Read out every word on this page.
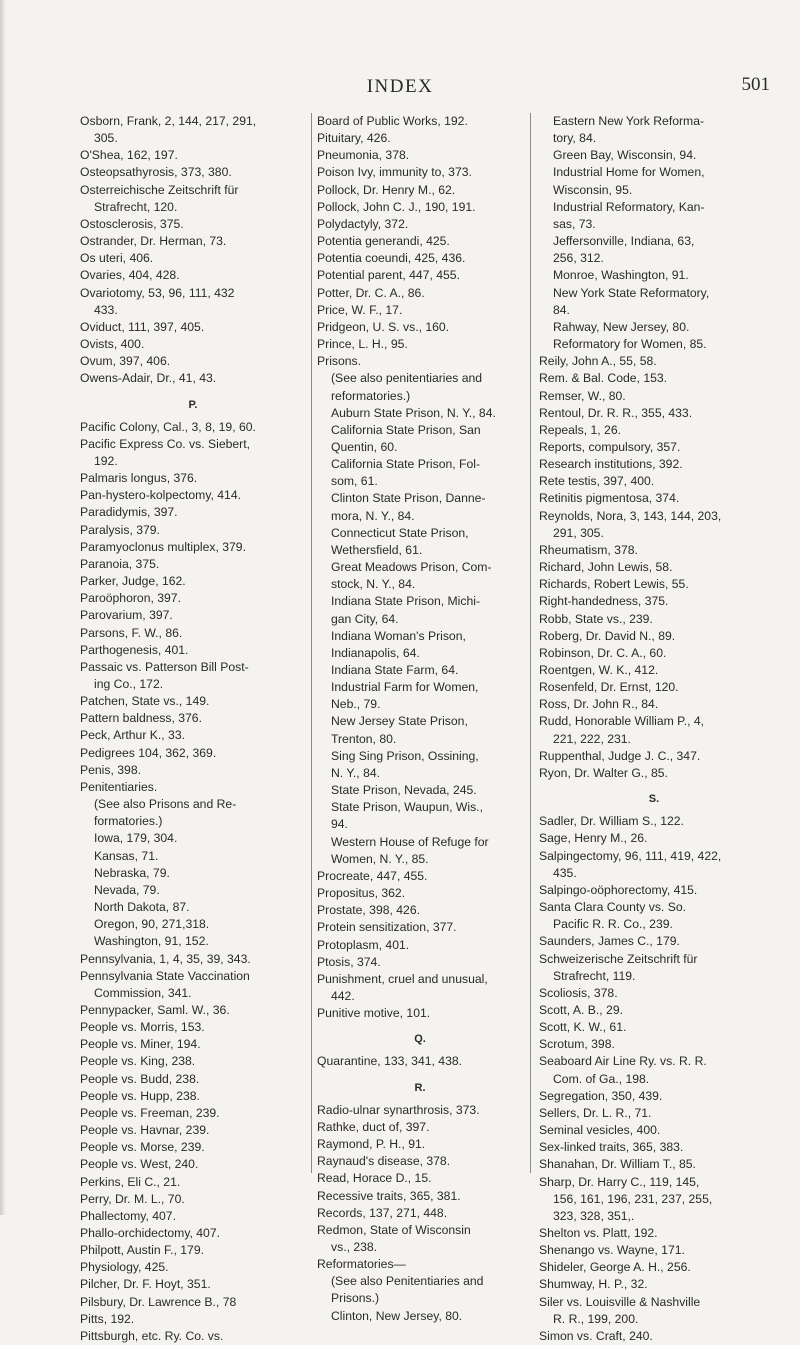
INDEX	501
Osborn, Frank, 2, 144, 217, 291,
305.
O'Shea, 162, 197.
Osteopsathyrosis, 373, 380.
Osterreichische Zeitschrift für
Strafrecht, 120.
Ostosclerosis, 375.
Ostrander, Dr. Herman, 73.
Os uteri, 406.
Ovaries, 404, 428.
Ovariotomy, 53, 96, 111, 432
433.
Oviduct, 111, 397, 405.
Ovists, 400.
Ovum, 397, 406.
Owens-Adair, Dr., 41, 43.
P.
Pacific Colony, Cal., 3, 8, 19, 60.
Pacific Express Co. vs. Siebert,
192.
Palmaris longus, 376.
Pan-hystero-kolpectomy, 414.
Paradidymis, 397.
Paralysis, 379.
Paramyoclonus multiplex, 379.
Paranoia, 375.
Parker, Judge, 162.
Paroöphoron, 397.
Parovarium, 397.
Parsons, F. W., 86.
Parthogenesis, 401.
Passaic vs. Patterson Bill Post-
ing Co., 172.
Patchen, State vs., 149.
Pattern baldness, 376.
Peck, Arthur K., 33.
Pedigrees 104, 362, 369.
Penis, 398.
Penitentiaries.
(See also Prisons and Re-
formatories.)
Iowa, 179, 304.
Kansas, 71.
Nebraska, 79.
Nevada, 79.
North Dakota, 87.
Oregon, 90, 271,318.
Washington, 91, 152.
Pennsylvania, 1, 4, 35, 39, 343.
Pennsylvania State Vaccination
Commission, 341.
Pennypacker, Saml. W., 36.
People vs. Morris, 153.
People vs. Miner, 194.
People vs. King, 238.
People vs. Budd, 238.
People vs. Hupp, 238.
People vs. Freeman, 239.
People vs. Havnar, 239.
People vs. Morse, 239.
People vs. West, 240.
Perkins, Eli C., 21.
Perry, Dr. M. L., 70.
Phallectomy, 407.
Phallo-orchidectomy, 407.
Philpott, Austin F., 179.
Physiology, 425.
Pilcher, Dr. F. Hoyt, 351.
Pilsbury, Dr. Lawrence B., 78
Pitts, 192.
Pittsburgh, etc. Ry. Co. vs.
Board of Public Works, 192.
Pituitary, 426.
Pneumonia, 378.
Poison Ivy, immunity to, 373.
Pollock, Dr. Henry M., 62.
Pollock, John C. J., 190, 191.
Polydactyly, 372.
Potentia generandi, 425.
Potentia coeundi, 425, 436.
Potential parent, 447, 455.
Potter, Dr. C. A., 86.
Price, W. F., 17.
Pridgeon, U. S. vs., 160.
Prince, L. H., 95.
Prisons.
(See also penitentiaries and
reformatories.)
Auburn State Prison, N. Y., 84.
California State Prison, San
Quentin, 60.
California State Prison, Fol-
som, 61.
Clinton State Prison, Danne-
mora, N. Y., 84.
Connecticut State Prison,
Wethersfield, 61.
Great Meadows Prison, Com-
stock, N. Y., 84.
Indiana State Prison, Michi-
gan City, 64.
Indiana Woman's Prison,
Indianapolis, 64.
Indiana State Farm, 64.
Industrial Farm for Women,
Neb., 79.
New Jersey State Prison,
Trenton, 80.
Sing Sing Prison, Ossining,
N. Y., 84.
State Prison, Nevada, 245.
State Prison, Waupun, Wis.,
94.
Western House of Refuge for
Women, N. Y., 85.
Procreate, 447, 455.
Propositus, 362.
Prostate, 398, 426.
Protein sensitization, 377.
Protoplasm, 401.
Ptosis, 374.
Punishment, cruel and unusual,
442.
Punitive motive, 101.
Q.
Quarantine, 133, 341, 438.
R.
Radio-ulnar synarthrosis, 373.
Rathke, duct of, 397.
Raymond, P. H., 91.
Raynaud's disease, 378.
Read, Horace D., 15.
Recessive traits, 365, 381.
Records, 137, 271, 448.
Redmon, State of Wisconsin
vs., 238.
Reformatories—
(See also Penitentiaries and
Prisons.)
Clinton, New Jersey, 80.
Eastern New York Reforma-
tory, 84.
Green Bay, Wisconsin, 94.
Industrial Home for Women,
Wisconsin, 95.
Industrial Reformatory, Kan-
sas, 73.
Jeffersonville, Indiana, 63,
256, 312.
Monroe, Washington, 91.
New York State Reformatory,
84.
Rahway, New Jersey, 80.
Reformatory for Women, 85.
Reily, John A., 55, 58.
Rem. & Bal. Code, 153.
Remser, W., 80.
Rentoul, Dr. R. R., 355, 433.
Repeals, 1, 26.
Reports, compulsory, 357.
Research institutions, 392.
Rete testis, 397, 400.
Retinitis pigmentosa, 374.
Reynolds, Nora, 3, 143, 144, 203,
291, 305.
Rheumatism, 378.
Richard, John Lewis, 58.
Richards, Robert Lewis, 55.
Right-handedness, 375.
Robb, State vs., 239.
Roberg, Dr. David N., 89.
Robinson, Dr. C. A., 60.
Roentgen, W. K., 412.
Rosenfeld, Dr. Ernst, 120.
Ross, Dr. John R., 84.
Rudd, Honorable William P., 4,
221, 222, 231.
Ruppenthal, Judge J. C., 347.
Ryon, Dr. Walter G., 85.
S.
Sadler, Dr. William S., 122.
Sage, Henry M., 26.
Salpingectomy, 96, 111, 419, 422,
435.
Salpingo-oöphorectomy, 415.
Santa Clara County vs. So.
Pacific R. R. Co., 239.
Saunders, James C., 179.
Schweizerische Zeitschrift für
Strafrecht, 119.
Scoliosis, 378.
Scott, A. B., 29.
Scott, K. W., 61.
Scrotum, 398.
Seaboard Air Line Ry. vs. R. R.
Com. of Ga., 198.
Segregation, 350, 439.
Sellers, Dr. L. R., 71.
Seminal vesicles, 400.
Sex-linked traits, 365, 383.
Shanahan, Dr. William T., 85.
Sharp, Dr. Harry C., 119, 145,
156, 161, 196, 231, 237, 255,
323, 328, 351,.
Shelton vs. Platt, 192.
Shenango vs. Wayne, 171.
Shideler, George A. H., 256.
Shumway, H. P., 32.
Siler vs. Louisville & Nashville
R. R., 199, 200.
Simon vs. Craft, 240.
